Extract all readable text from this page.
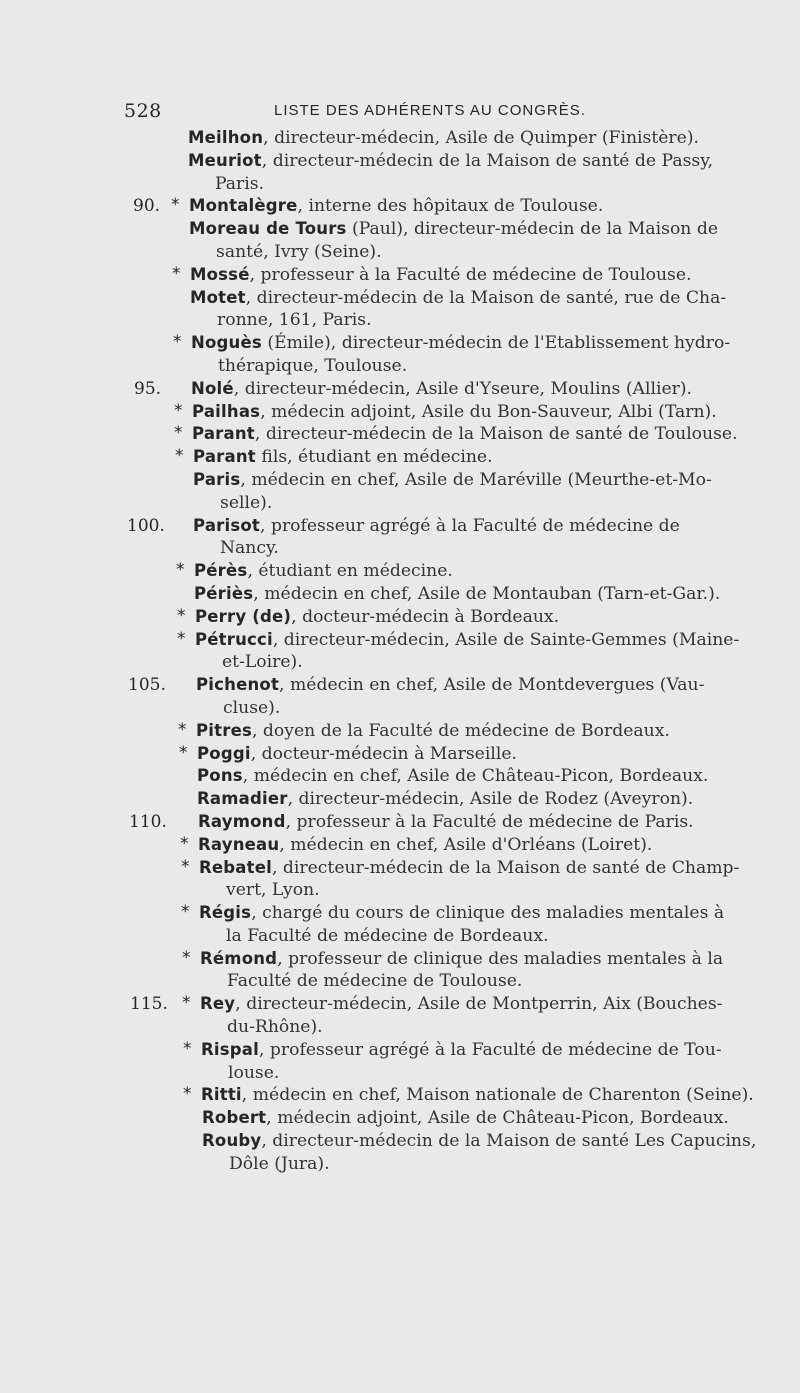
528	LISTE DES ADHÉRENTS AU CONGRÈS.
Meilhon, directeur-médecin, Asile de Quimper (Finistère).
Meuriot, directeur-médecin de la Maison de santé de Passy,
Paris.
90. * Montalègre, interne des hôpitaux de Toulouse.
Moreau de Tours (Paul), directeur-médecin de la Maison de
santé, Ivry (Seine).
* Mossé, professeur à la Faculté de médecine de Toulouse.
Motet, directeur-médecin de la Maison de santé, rue de Cha-
ronne, 161, Paris.
* Noguès (Émile), directeur-médecin de l'Etablissement hydro-
thérapique, Toulouse.
95. Nolé, directeur-médecin, Asile d'Yseure, Moulins (Allier).
* Pailhas, médecin adjoint, Asile du Bon-Sauveur, Albi (Tarn).
* Parant, directeur-médecin de la Maison de santé de Toulouse.
* Parant fils, étudiant en médecine.
Paris, médecin en chef, Asile de Maréville (Meurthe-et-Mo-
selle).
100. Parisot, professeur agrégé à la Faculté de médecine de
Nancy.
* Pérès, étudiant en médecine.
Périès, médecin en chef, Asile de Montauban (Tarn-et-Gar.).
* Perry (de), docteur-médecin à Bordeaux.
* Pétrucci, directeur-médecin, Asile de Sainte-Gemmes (Maine-
et-Loire).
105. Pichenot, médecin en chef, Asile de Montdevergues (Vau-
cluse).
* Pitres, doyen de la Faculté de médecine de Bordeaux.
* Poggi, docteur-médecin à Marseille.
Pons, médecin en chef, Asile de Château-Picon, Bordeaux.
Ramadier, directeur-médecin, Asile de Rodez (Aveyron).
110. Raymond, professeur à la Faculté de médecine de Paris.
* Rayneau, médecin en chef, Asile d'Orléans (Loiret).
* Rebatel, directeur-médecin de la Maison de santé de Champ-
vert, Lyon.
* Régis, chargé du cours de clinique des maladies mentales à
la Faculté de médecine de Bordeaux.
* Rémond, professeur de clinique des maladies mentales à la
Faculté de médecine de Toulouse.
115. * Rey, directeur-médecin, Asile de Montperrin, Aix (Bouches-
du-Rhône).
* Rispal, professeur agrégé à la Faculté de médecine de Tou-
louse.
* Ritti, médecin en chef, Maison nationale de Charenton (Seine).
Robert, médecin adjoint, Asile de Château-Picon, Bordeaux.
Rouby, directeur-médecin de la Maison de santé Les Capucins,
Dôle (Jura).
